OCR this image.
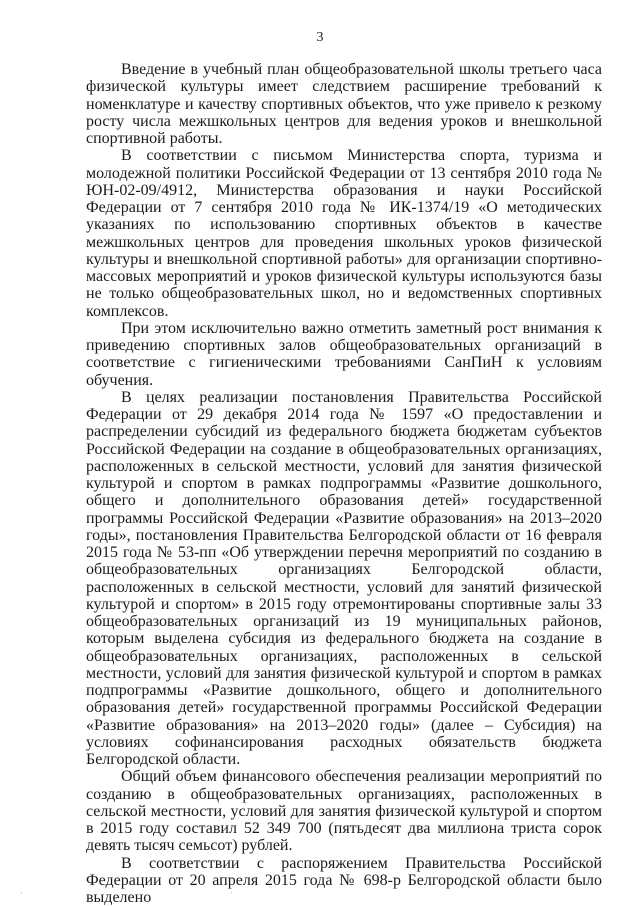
3

Введение в учебный план общеобразовательной школы третьего часа физической культуры имеет следствием расширение требований к номенклатуре и качеству спортивных объектов, что уже привело к резкому росту числа межшкольных центров для ведения уроков и внешкольной спортивной работы.

В соответствии с письмом Министерства спорта, туризма и молодежной политики Российской Федерации от 13 сентября 2010 года № ЮН-02-09/4912, Министерства образования и науки Российской Федерации от 7 сентября 2010 года № ИК-1374/19 «О методических указаниях по использованию спортивных объектов в качестве межшкольных центров для проведения школьных уроков физической культуры и внешкольной спортивной работы» для организации спортивно-массовых мероприятий и уроков физической культуры используются базы не только общеобразовательных школ, но и ведомственных спортивных комплексов.

При этом исключительно важно отметить заметный рост внимания к приведению спортивных залов общеобразовательных организаций в соответствие с гигиеническими требованиями СанПиН к условиям обучения.

В целях реализации постановления Правительства Российской Федерации от 29 декабря 2014 года № 1597 «О предоставлении и распределении субсидий из федерального бюджета бюджетам субъектов Российской Федерации на создание в общеобразовательных организациях, расположенных в сельской местности, условий для занятия физической культурой и спортом в рамках подпрограммы «Развитие дошкольного, общего и дополнительного образования детей» государственной программы Российской Федерации «Развитие образования» на 2013–2020 годы», постановления Правительства Белгородской области от 16 февраля 2015 года № 53-пп «Об утверждении перечня мероприятий по созданию в общеобразовательных организациях Белгородской области, расположенных в сельской местности, условий для занятий физической культурой и спортом» в 2015 году отремонтированы спортивные залы 33 общеобразовательных организаций из 19 муниципальных районов, которым выделена субсидия из федерального бюджета на создание в общеобразовательных организациях, расположенных в сельской местности, условий для занятия физической культурой и спортом в рамках подпрограммы «Развитие дошкольного, общего и дополнительного образования детей» государственной программы Российской Федерации «Развитие образования» на 2013–2020 годы» (далее – Субсидия) на условиях софинансирования расходных обязательств бюджета Белгородской области.

Общий объем финансового обеспечения реализации мероприятий по созданию в общеобразовательных организациях, расположенных в сельской местности, условий для занятия физической культурой и спортом в 2015 году составил 52 349 700 (пятьдесят два миллиона триста сорок девять тысяч семьсот) рублей.

В соответствии с распоряжением Правительства Российской Федерации от 20 апреля 2015 года № 698-р Белгородской области было выделено

·	·
